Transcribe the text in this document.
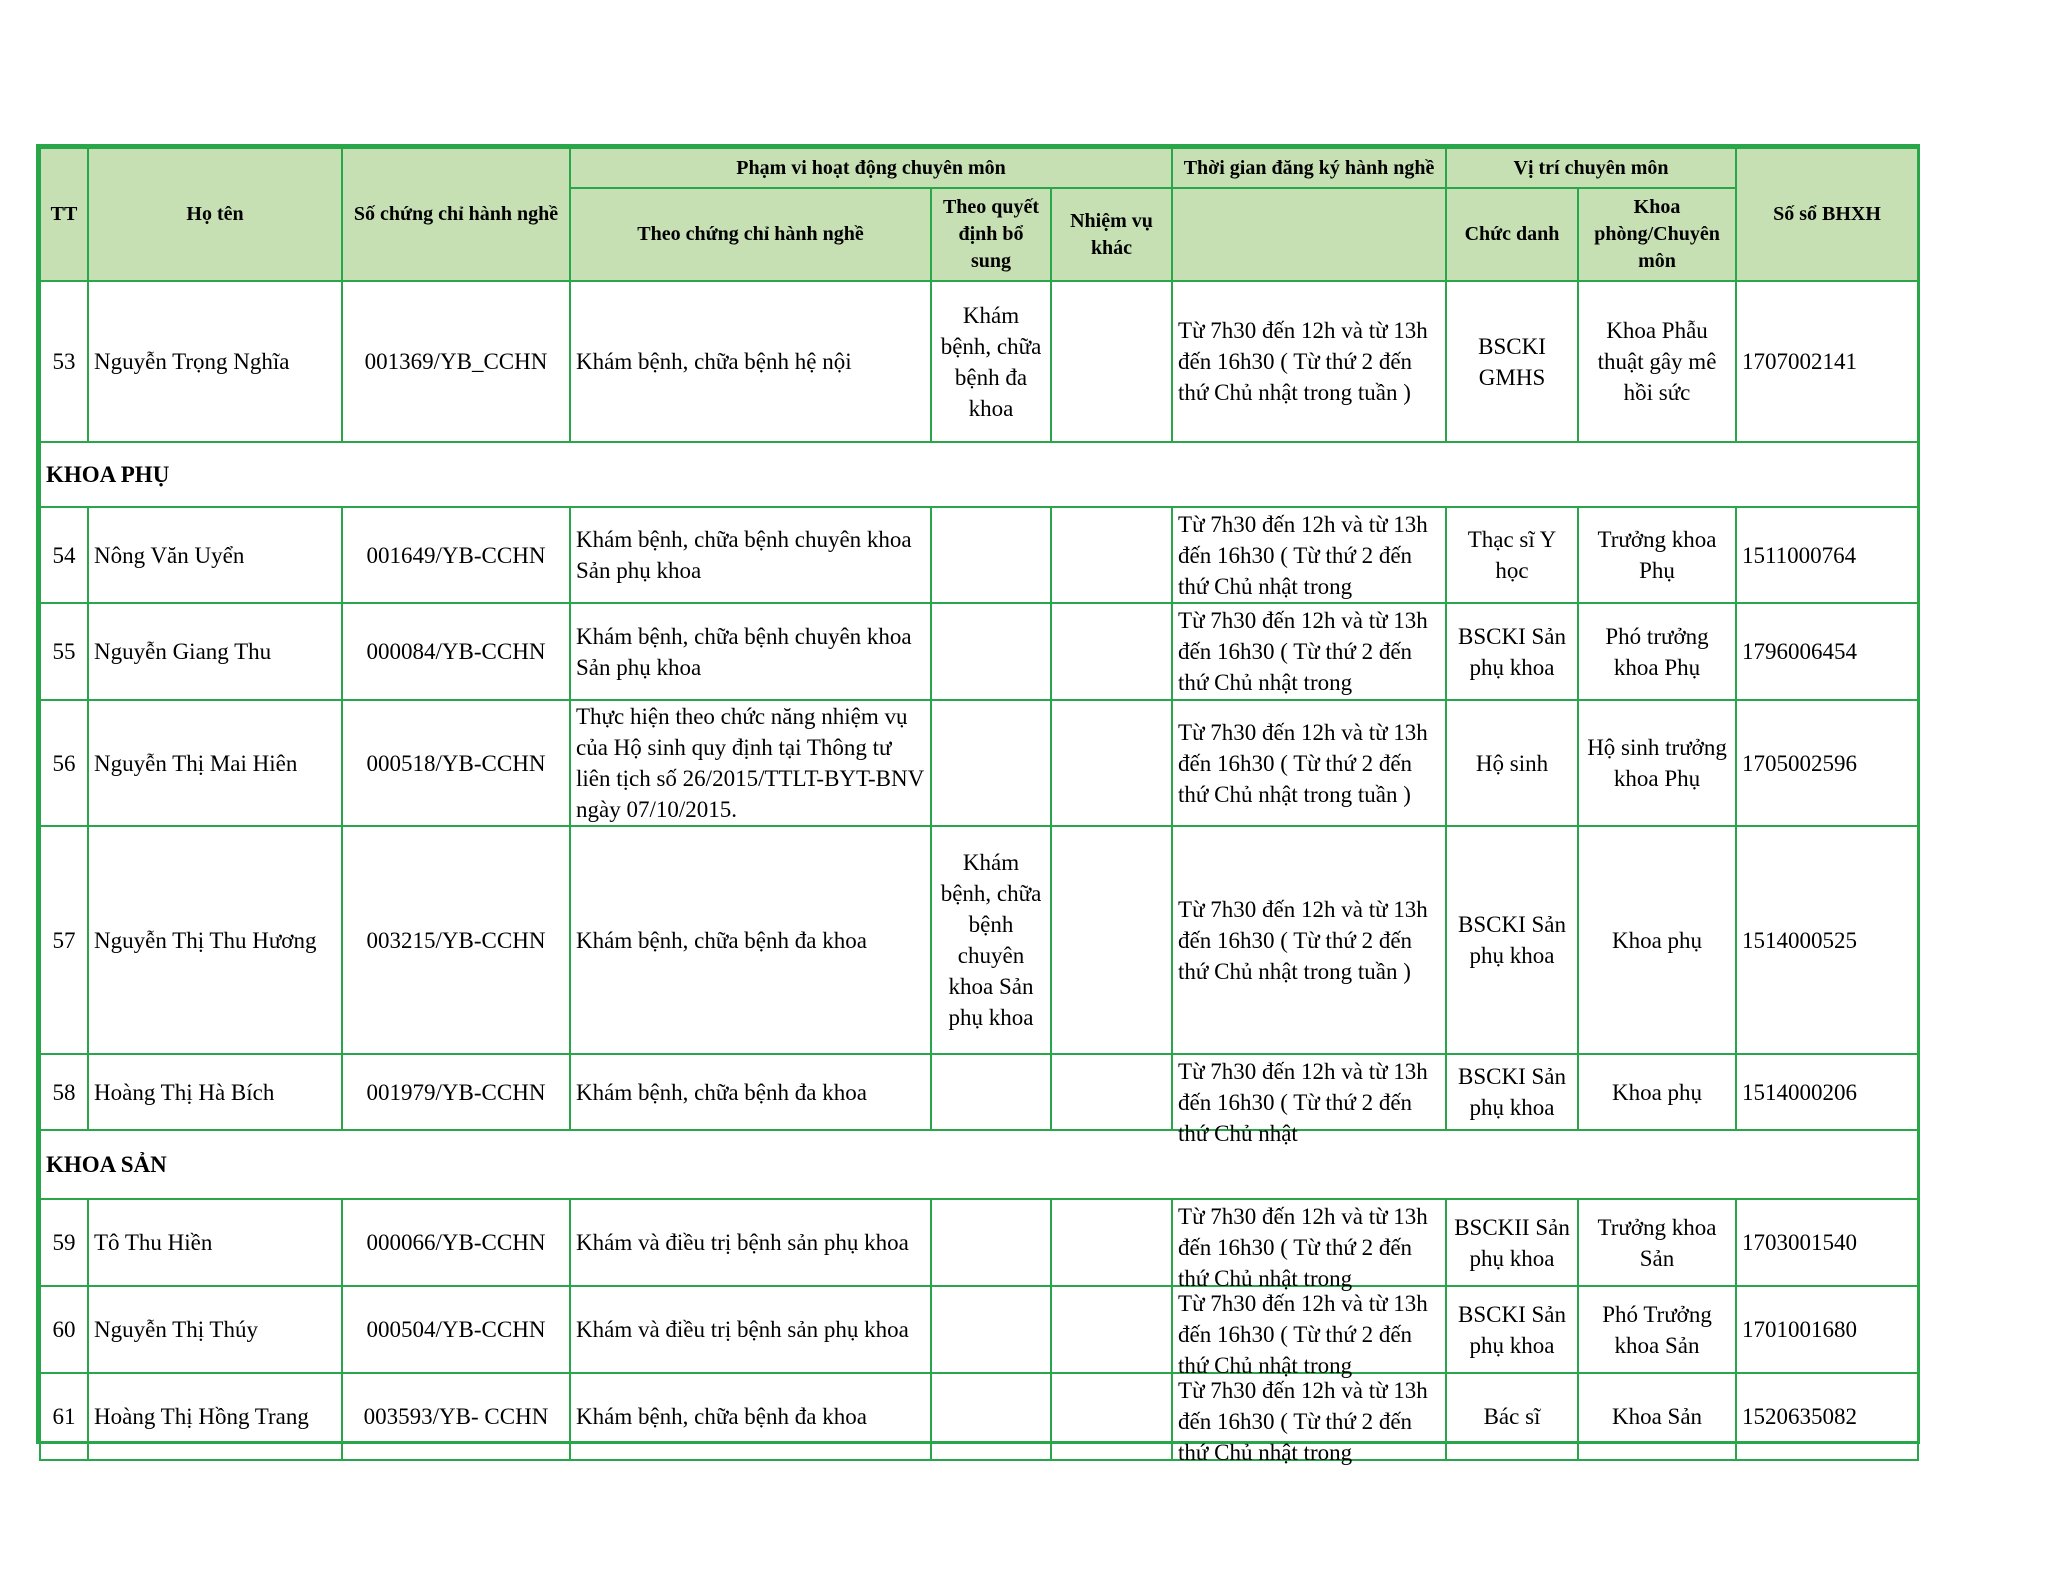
TT	Họ tên	Số chứng chỉ hành nghề	Phạm vi hoạt động chuyên môn			Thời gian đăng ký hành nghề	Vị trí chuyên môn		Số sổ BHXH
			Theo chứng chỉ hành nghề	Theo quyết định bổ sung	Nhiệm vụ khác		Chức danh	Khoa phòng/Chuyên môn	
53	Nguyễn Trọng Nghĩa	001369/YB_CCHN	Khám bệnh, chữa bệnh hệ nội	Khám bệnh, chữa bệnh đa khoa		Từ 7h30 đến 12h và từ 13h đến 16h30 ( Từ thứ 2 đến thứ Chủ nhật trong tuần )	BSCKI GMHS	Khoa Phẫu thuật gây mê hồi sức	1707002141
KHOA PHỤ									
54	Nông Văn Uyển	001649/YB-CCHN	Khám bệnh, chữa bệnh chuyên khoa Sản phụ khoa			Từ 7h30 đến 12h và từ 13h đến 16h30 ( Từ thứ 2 đến thứ Chủ nhật trong	Thạc sĩ Y học	Trưởng khoa Phụ	1511000764
55	Nguyễn Giang Thu	000084/YB-CCHN	Khám bệnh, chữa bệnh chuyên khoa Sản phụ khoa			Từ 7h30 đến 12h và từ 13h đến 16h30 ( Từ thứ 2 đến thứ Chủ nhật trong	BSCKI Sản phụ khoa	Phó trưởng khoa Phụ	1796006454
56	Nguyễn Thị Mai Hiên	000518/YB-CCHN	Thực hiện theo chức năng nhiệm vụ của Hộ sinh quy định tại Thông tư liên tịch số 26/2015/TTLT-BYT-BNV ngày 07/10/2015.			Từ 7h30 đến 12h và từ 13h đến 16h30 ( Từ thứ 2 đến thứ Chủ nhật trong tuần )	Hộ sinh	Hộ sinh trưởng khoa Phụ	1705002596
57	Nguyễn Thị Thu Hương	003215/YB-CCHN	Khám bệnh, chữa bệnh đa khoa	Khám bệnh, chữa bệnh chuyên khoa Sản phụ khoa		Từ 7h30 đến 12h và từ 13h đến 16h30 ( Từ thứ 2 đến thứ Chủ nhật trong tuần )	BSCKI Sản phụ khoa	Khoa phụ	1514000525
58	Hoàng Thị Hà Bích	001979/YB-CCHN	Khám bệnh, chữa bệnh đa khoa			Từ 7h30 đến 12h và từ 13h đến 16h30 ( Từ thứ 2 đến thứ Chủ nhật	BSCKI Sản phụ khoa	Khoa phụ	1514000206
KHOA SẢN									
59	Tô Thu Hiền	000066/YB-CCHN	Khám và điều trị bệnh sản phụ khoa			Từ 7h30 đến 12h và từ 13h đến 16h30 ( Từ thứ 2 đến thứ Chủ nhật trong	BSCKII Sản phụ khoa	Trưởng khoa Sản	1703001540
60	Nguyễn Thị Thúy	000504/YB-CCHN	Khám và điều trị bệnh sản phụ khoa			Từ 7h30 đến 12h và từ 13h đến 16h30 ( Từ thứ 2 đến thứ Chủ nhật trong	BSCKI Sản phụ khoa	Phó Trưởng khoa Sản	1701001680
61	Hoàng Thị Hồng Trang	003593/YB- CCHN	Khám bệnh, chữa bệnh đa khoa			Từ 7h30 đến 12h và từ 13h đến 16h30 ( Từ thứ 2 đến thứ Chủ nhật trong	Bác sĩ	Khoa Sản	1520635082
